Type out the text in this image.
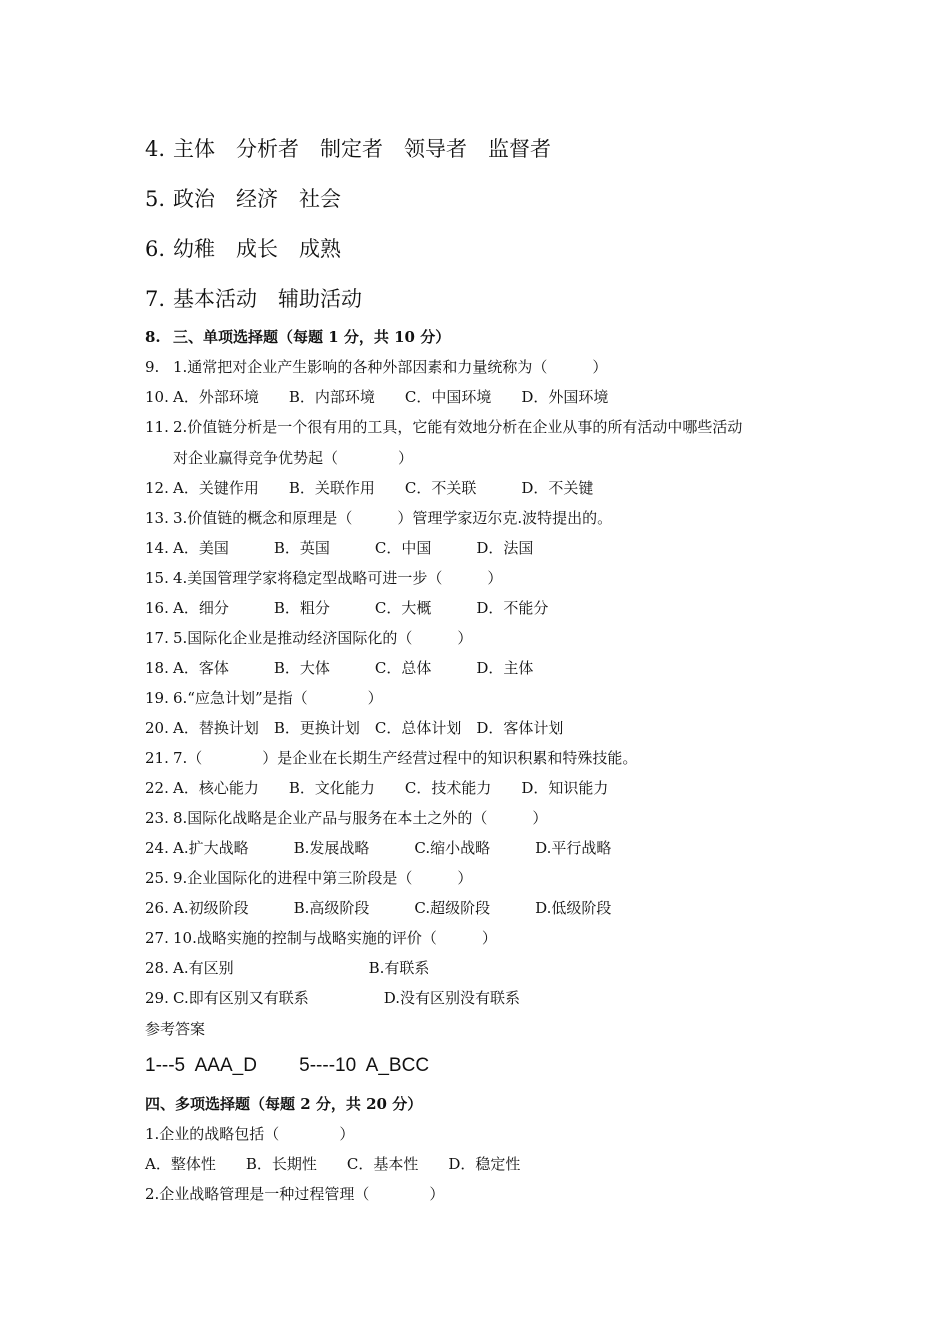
4. 主体　分析者　制定者　领导者　监督者
5. 政治　经济　社会
6. 幼稚　成长　成熟
7. 基本活动　辅助活动
8. 三、单项选择题（每题 1 分，共 10 分）
9. 1.通常把对企业产生影响的各种外部因素和力量统称为（　　　）
10. A．外部环境　　B．内部环境　　C．中国环境　　D．外国环境
11. 2.价值链分析是一个很有用的工具，它能有效地分析在企业从事的所有活动中哪些活动
对企业赢得竞争优势起（　　　　）
12. A．关键作用　　B．关联作用　　C．不关联　　　D．不关键
13. 3.价值链的概念和原理是（　　　）管理学家迈尔克.波特提出的。
14. A．美国　　　B．英国　　　C．中国　　　D．法国
15. 4.美国管理学家将稳定型战略可进一步（　　　）
16. A．细分　　　B．粗分　　　C．大概　　　D．不能分
17. 5.国际化企业是推动经济国际化的（　　　）
18. A．客体　　　B．大体　　　C．总体　　　D．主体
19. 6.“应急计划”是指（　　　　）
20. A．替换计划　B．更换计划　C．总体计划　D．客体计划
21. 7.（　　　　）是企业在长期生产经营过程中的知识积累和特殊技能。
22. A．核心能力　　B．文化能力　　C．技术能力　　D．知识能力
23. 8.国际化战略是企业产品与服务在本土之外的（　　　）
24. A.扩大战略　　　B.发展战略　　　C.缩小战略　　　D.平行战略
25. 9.企业国际化的进程中第三阶段是（　　　）
26. A.初级阶段　　　B.高级阶段　　　C.超级阶段　　　D.低级阶段
27. 10.战略实施的控制与战略实施的评价（　　　）
28. A.有区别　　　　　　　　　B.有联系
29. C.即有区别又有联系　　　　　D.没有区别没有联系
参考答案
1---5  AAA_D        5----10  A_BCC
四、多项选择题（每题 2 分，共 20 分）
1.企业的战略包括（　　　　）
A．整体性　　B．长期性　　C．基本性　　D．稳定性
2.企业战略管理是一种过程管理（　　　　）
